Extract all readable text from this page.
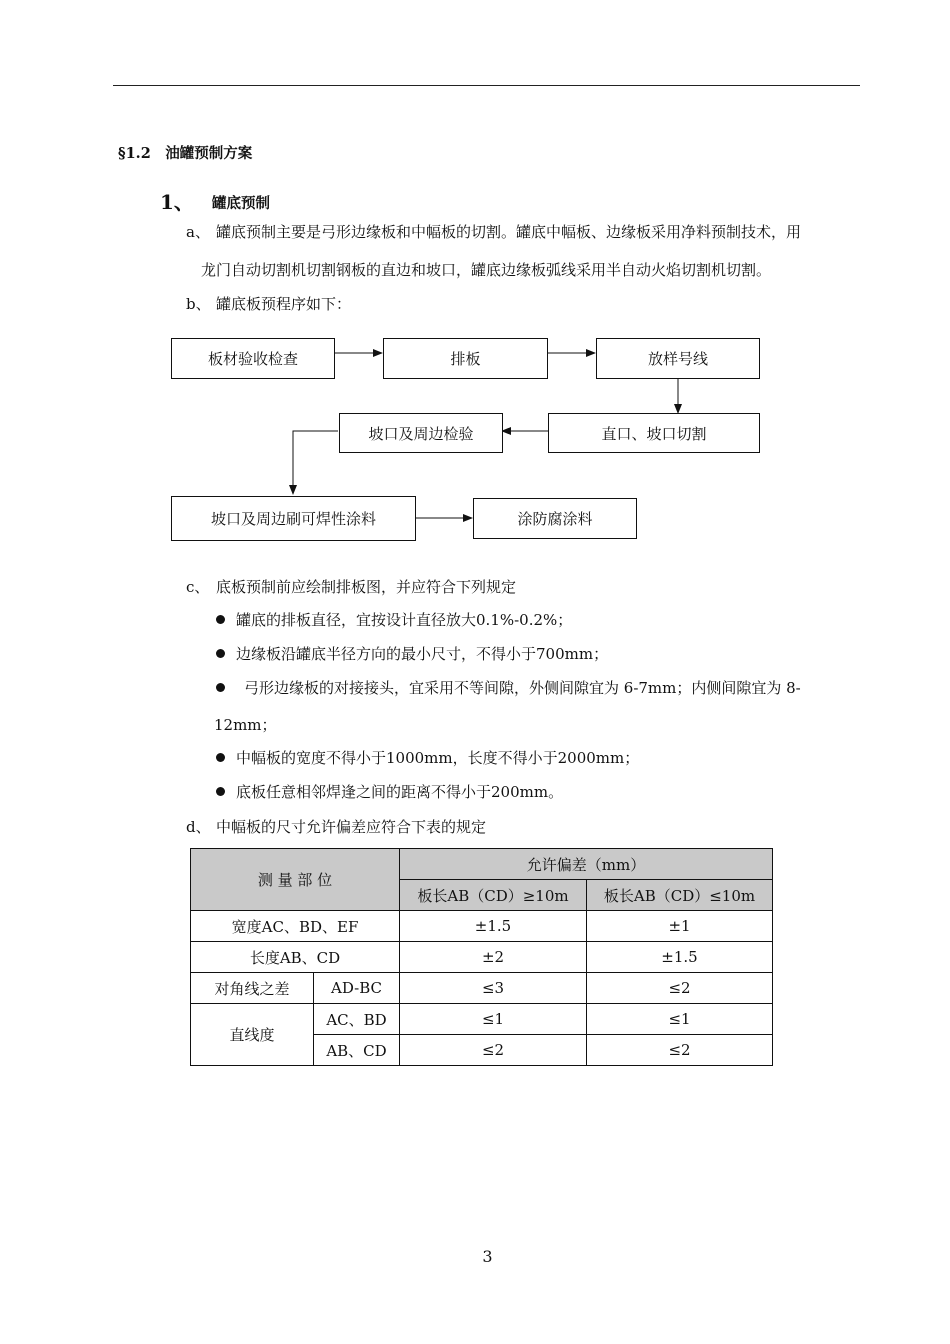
§1.2　油罐预制方案
1、 罐底预制
a、 罐底预制主要是弓形边缘板和中幅板的切割。罐底中幅板、边缘板采用净料预制技术，用
龙门自动切割机切割钢板的直边和坡口，罐底边缘板弧线采用半自动火焰切割机切割。
b、 罐底板预程序如下：
板材验收检查	排板	放样号线
直口、坡口切割
坡口及周边检验
坡口及周边刷可焊性涂料	涂防腐涂料
c、 底板预制前应绘制排板图，并应符合下列规定
罐底的排板直径，宜按设计直径放大0.1%-0.2%；
边缘板沿罐底半径方向的最小尺寸，不得小于700mm；
弓形边缘板的对接接头，宜采用不等间隙，外侧间隙宜为 6-7mm；内侧间隙宜为 8-
12mm；
中幅板的宽度不得小于1000mm，长度不得小于2000mm；
底板任意相邻焊逢之间的距离不得小于200mm。
d、 中幅板的尺寸允许偏差应符合下表的规定
测 量 部 位		允许偏差（mm）	
		板长AB（CD）≥10m	板长AB（CD）≤10m
宽度AC、BD、EF		±1.5	±1
长度AB、CD		±2	±1.5
对角线之差	AD-BC	≤3	≤2
直线度	AC、BD	≤1	≤1
	AB、CD	≤2	≤2
3
